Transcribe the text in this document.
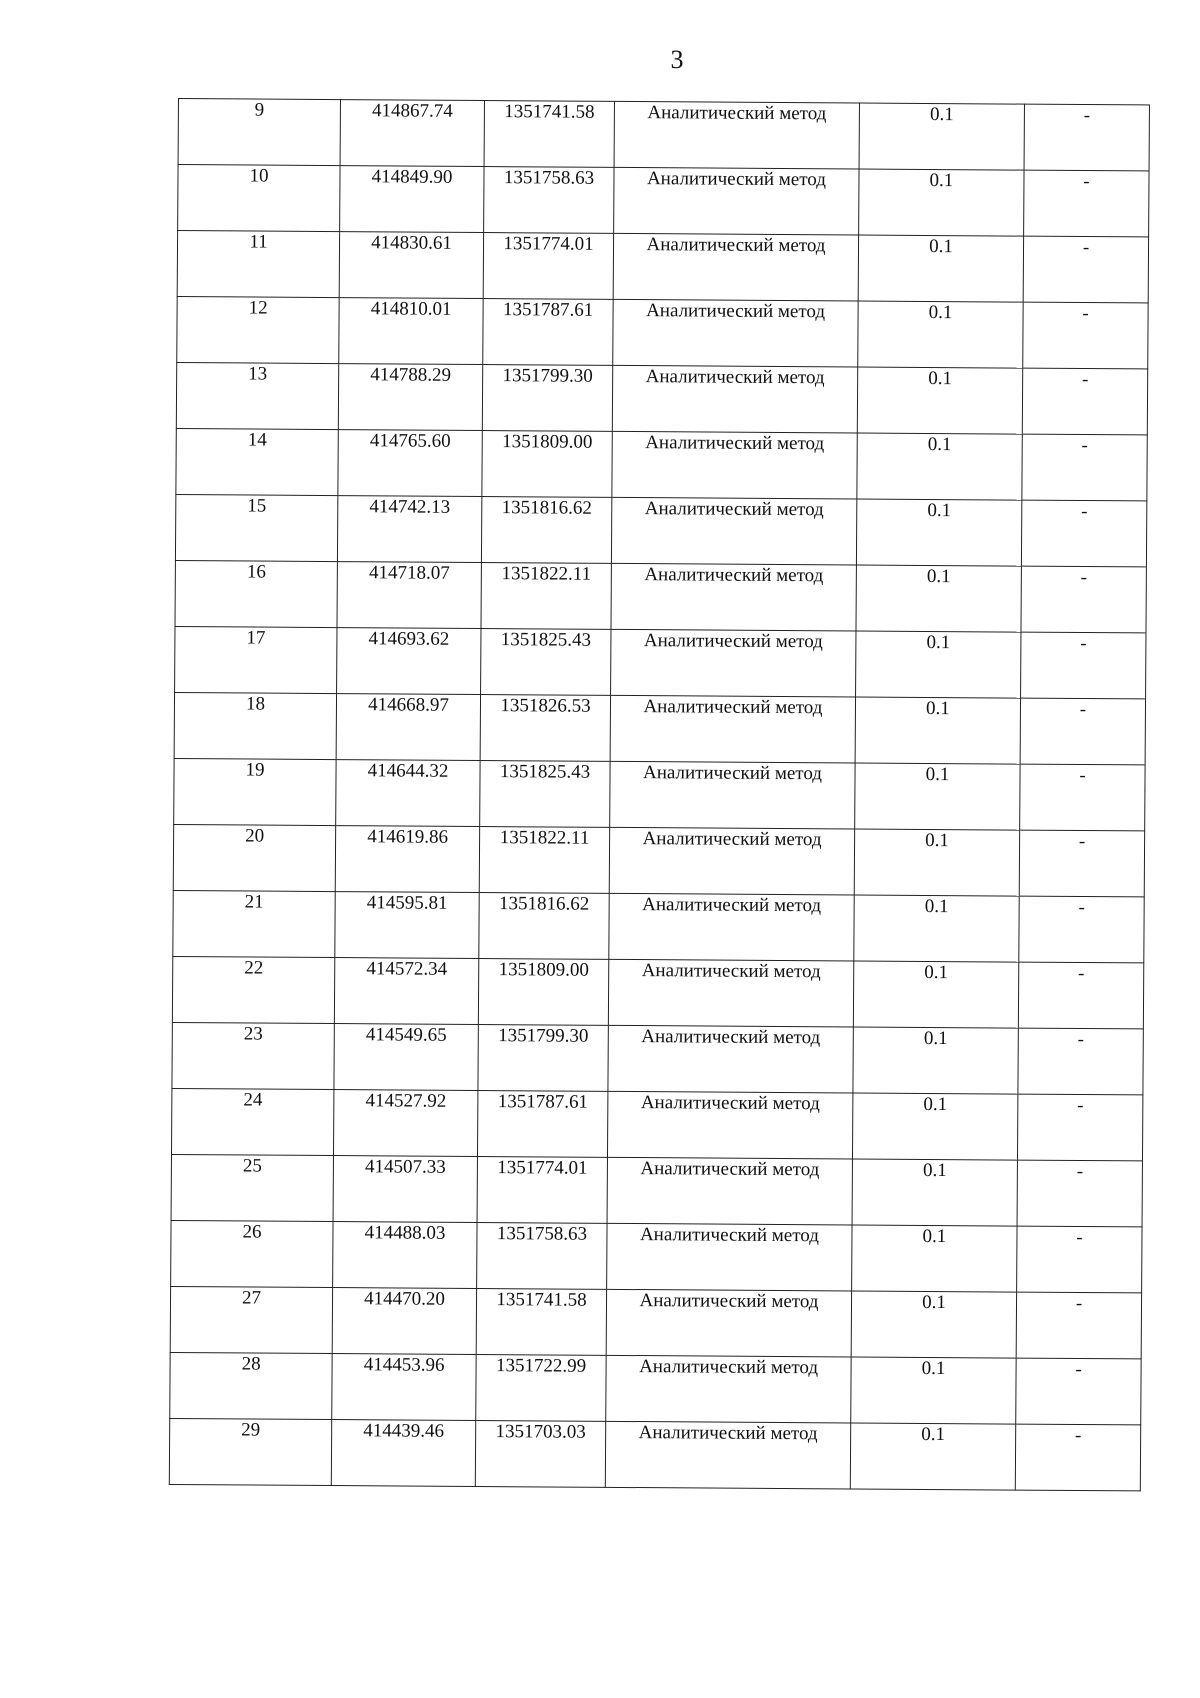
3
9	414867.74	1351741.58	Аналитический метод	0.1	-
10	414849.90	1351758.63	Аналитический метод	0.1	-
11	414830.61	1351774.01	Аналитический метод	0.1	-
12	414810.01	1351787.61	Аналитический метод	0.1	-
13	414788.29	1351799.30	Аналитический метод	0.1	-
14	414765.60	1351809.00	Аналитический метод	0.1	-
15	414742.13	1351816.62	Аналитический метод	0.1	-
16	414718.07	1351822.11	Аналитический метод	0.1	-
17	414693.62	1351825.43	Аналитический метод	0.1	-
18	414668.97	1351826.53	Аналитический метод	0.1	-
19	414644.32	1351825.43	Аналитический метод	0.1	-
20	414619.86	1351822.11	Аналитический метод	0.1	-
21	414595.81	1351816.62	Аналитический метод	0.1	-
22	414572.34	1351809.00	Аналитический метод	0.1	-
23	414549.65	1351799.30	Аналитический метод	0.1	-
24	414527.92	1351787.61	Аналитический метод	0.1	-
25	414507.33	1351774.01	Аналитический метод	0.1	-
26	414488.03	1351758.63	Аналитический метод	0.1	-
27	414470.20	1351741.58	Аналитический метод	0.1	-
28	414453.96	1351722.99	Аналитический метод	0.1	-
29	414439.46	1351703.03	Аналитический метод	0.1	-
